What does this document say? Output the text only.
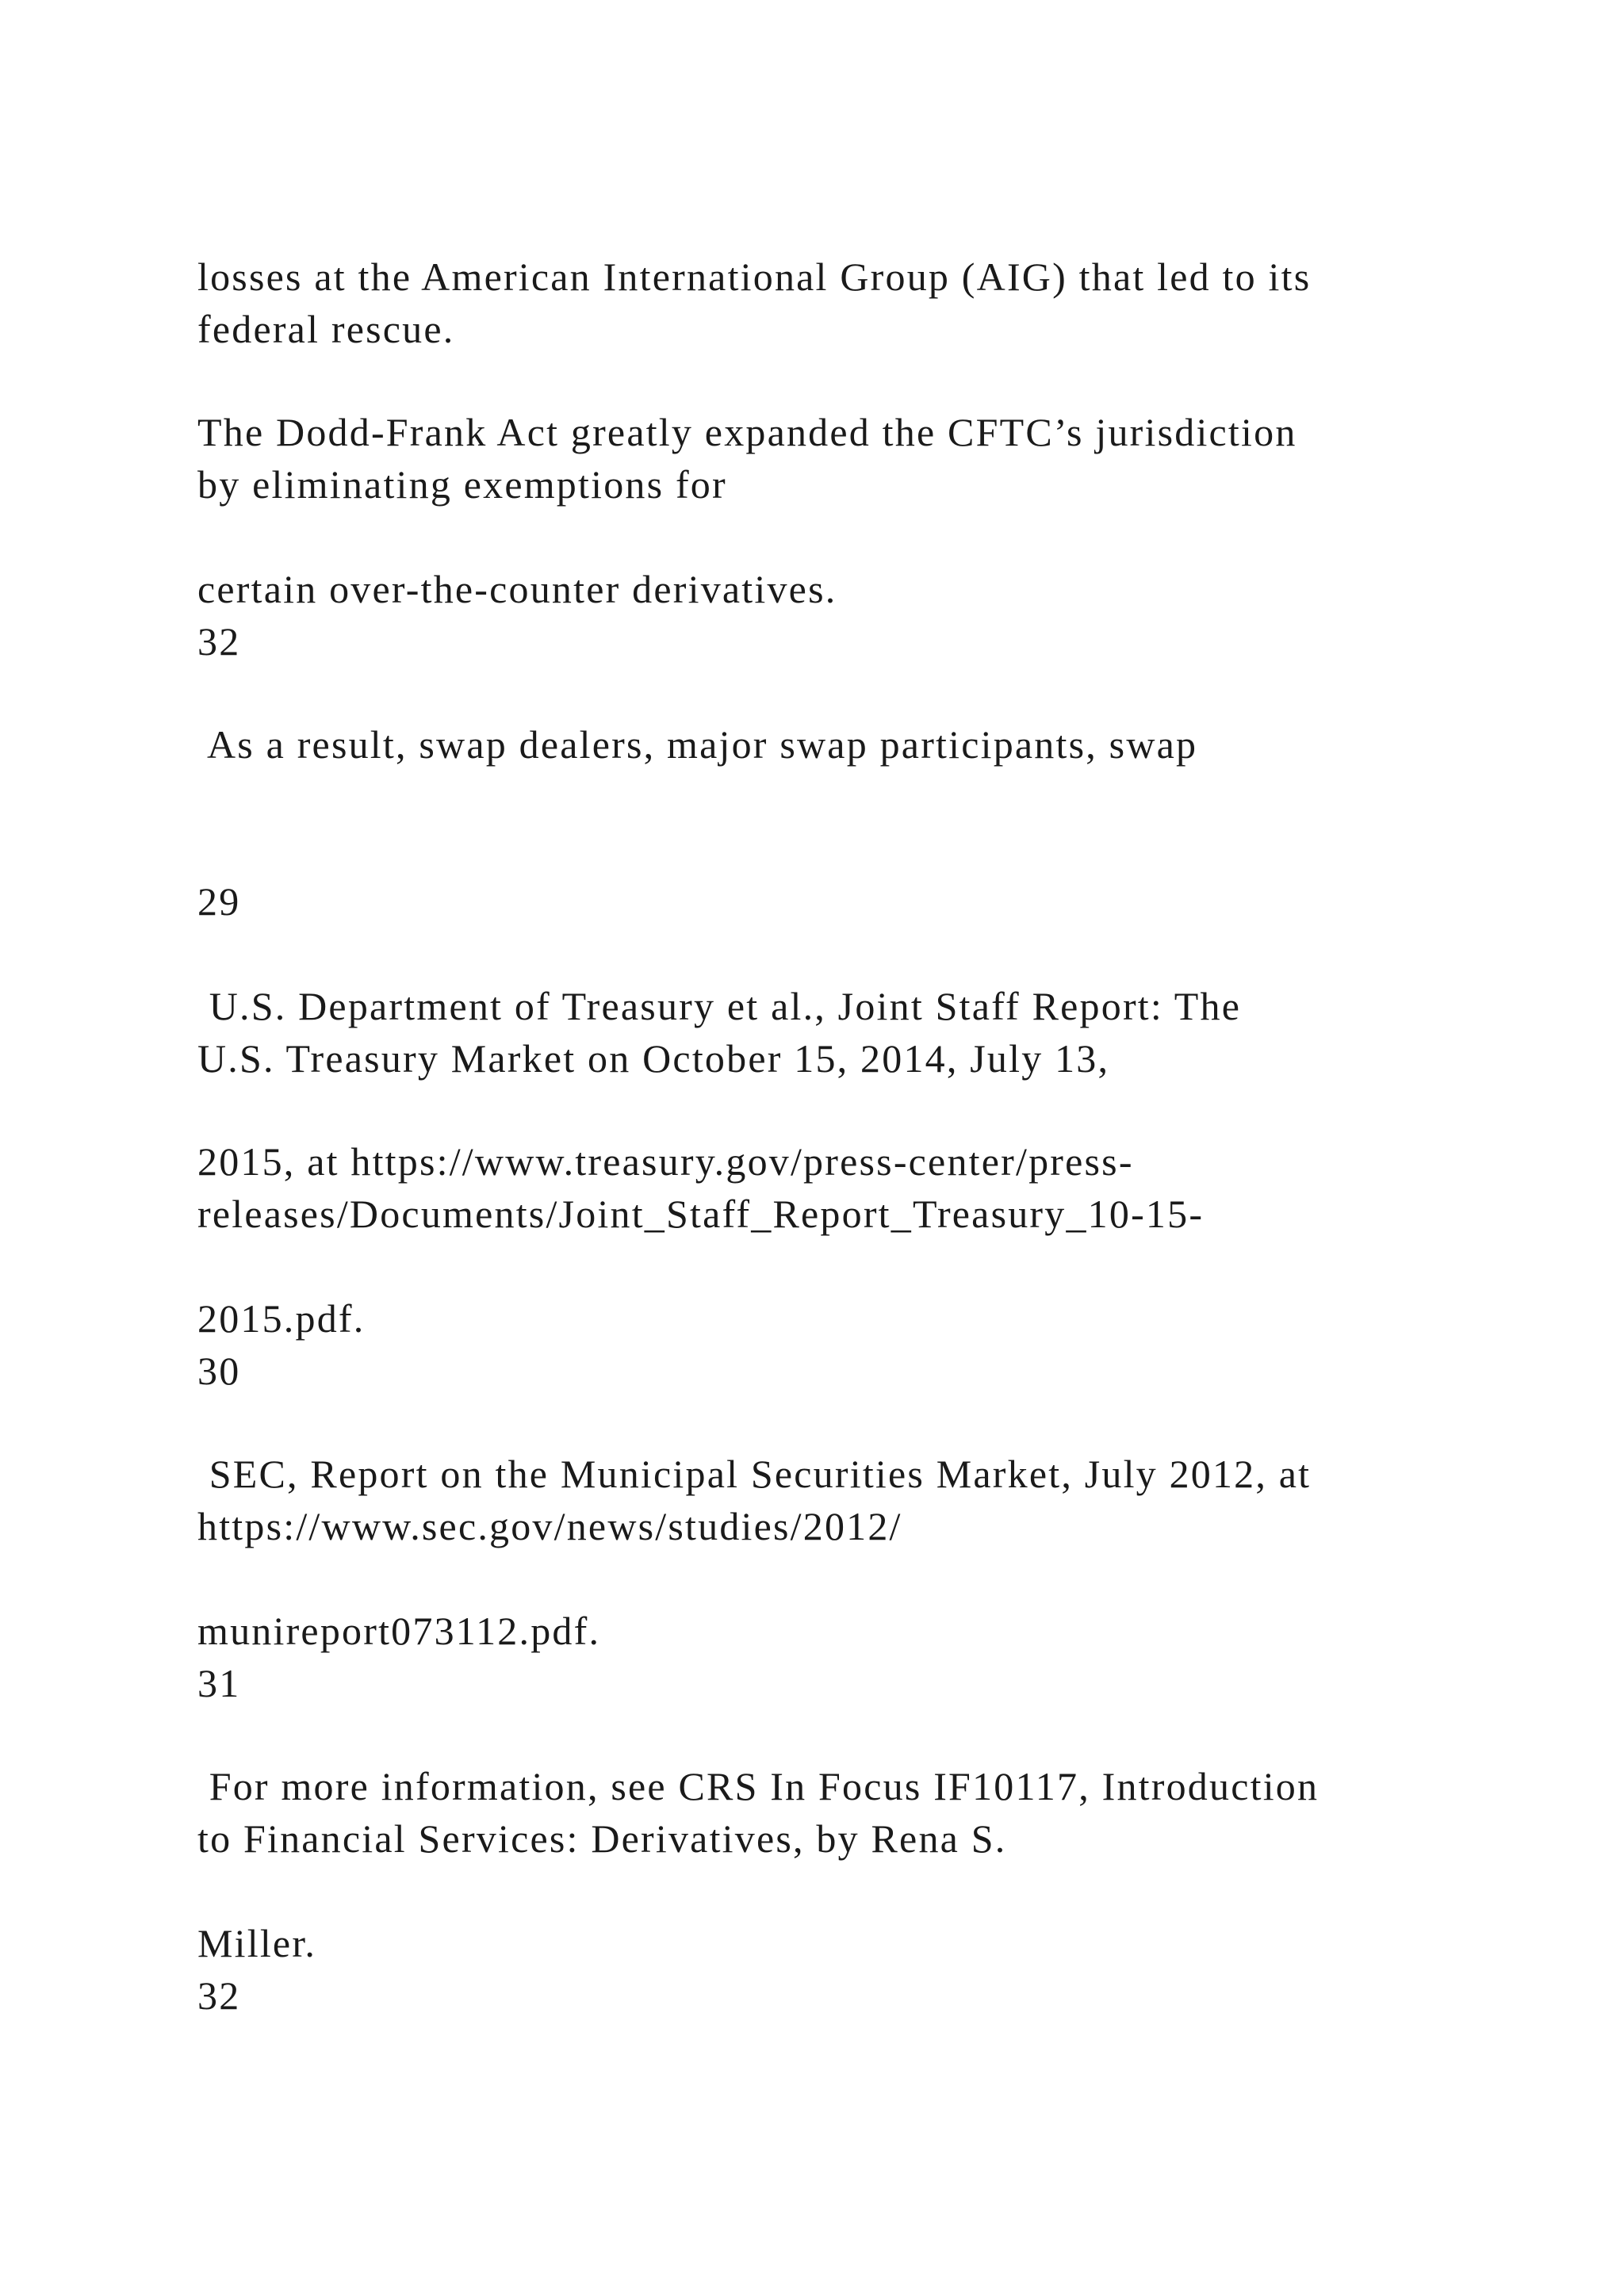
losses at the American International Group (AIG) that led to its

federal rescue.

The Dodd-Frank Act greatly expanded the CFTC’s jurisdiction

by eliminating exemptions for

certain over-the-counter derivatives.

32

As a result, swap dealers, major swap participants, swap

29

U.S. Department of Treasury et al., Joint Staff Report: The

U.S. Treasury Market on October 15, 2014, July 13,

2015, at https://www.treasury.gov/press-center/press-

releases/Documents/Joint_Staff_Report_Treasury_10-15-

2015.pdf.

30

SEC, Report on the Municipal Securities Market, July 2012, at

https://www.sec.gov/news/studies/2012/

munireport073112.pdf.

31

For more information, see CRS In Focus IF10117, Introduction

to Financial Services: Derivatives, by Rena S.

Miller.

32
